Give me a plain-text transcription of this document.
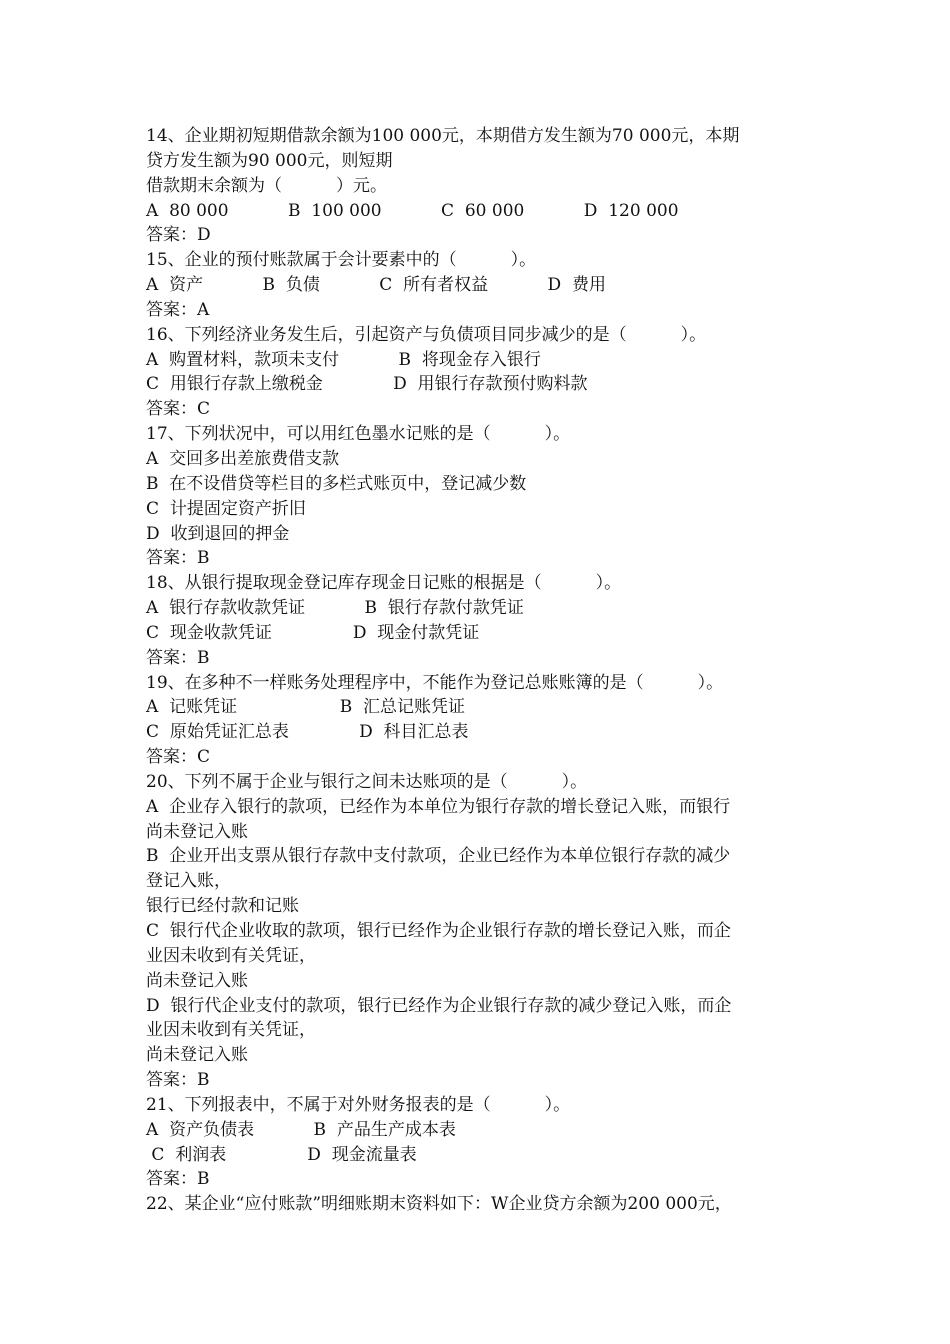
14、企业期初短期借款余额为100 000元，本期借方发生额为70 000元，本期
贷方发生额为90 000元，则短期
借款期末余额为（          ）元。
A  80 000           B  100 000           C  60 000           D  120 000
答案：D
15、企业的预付账款属于会计要素中的（          ）。
A  资产           B  负债           C  所有者权益           D  费用
答案：A
16、下列经济业务发生后，引起资产与负债项目同步减少的是（          ）。
A  购置材料，款项未支付           B  将现金存入银行
C  用银行存款上缴税金             D  用银行存款预付购料款
答案：C
17、下列状况中，可以用红色墨水记账的是（          ）。
A  交回多出差旅费借支款
B  在不设借贷等栏目的多栏式账页中，登记减少数
C  计提固定资产折旧
D  收到退回的押金
答案：B
18、从银行提取现金登记库存现金日记账的根据是（          ）。
A  银行存款收款凭证           B  银行存款付款凭证
C  现金收款凭证               D  现金付款凭证
答案：B
19、在多种不一样账务处理程序中，不能作为登记总账账簿的是（          ）。
A  记账凭证                   B  汇总记账凭证
C  原始凭证汇总表             D  科目汇总表
答案：C
20、下列不属于企业与银行之间未达账项的是（          ）。
A  企业存入银行的款项，已经作为本单位为银行存款的增长登记入账，而银行
尚未登记入账
B  企业开出支票从银行存款中支付款项，企业已经作为本单位银行存款的减少
登记入账，
银行已经付款和记账
C  银行代企业收取的款项，银行已经作为企业银行存款的增长登记入账，而企
业因未收到有关凭证，
尚未登记入账
D  银行代企业支付的款项，银行已经作为企业银行存款的减少登记入账，而企
业因未收到有关凭证，
尚未登记入账
答案：B
21、下列报表中，不属于对外财务报表的是（          ）。
A  资产负债表           B  产品生产成本表
C  利润表               D  现金流量表
答案：B
22、某企业“应付账款”明细账期末资料如下：W企业贷方余额为200 000元，
